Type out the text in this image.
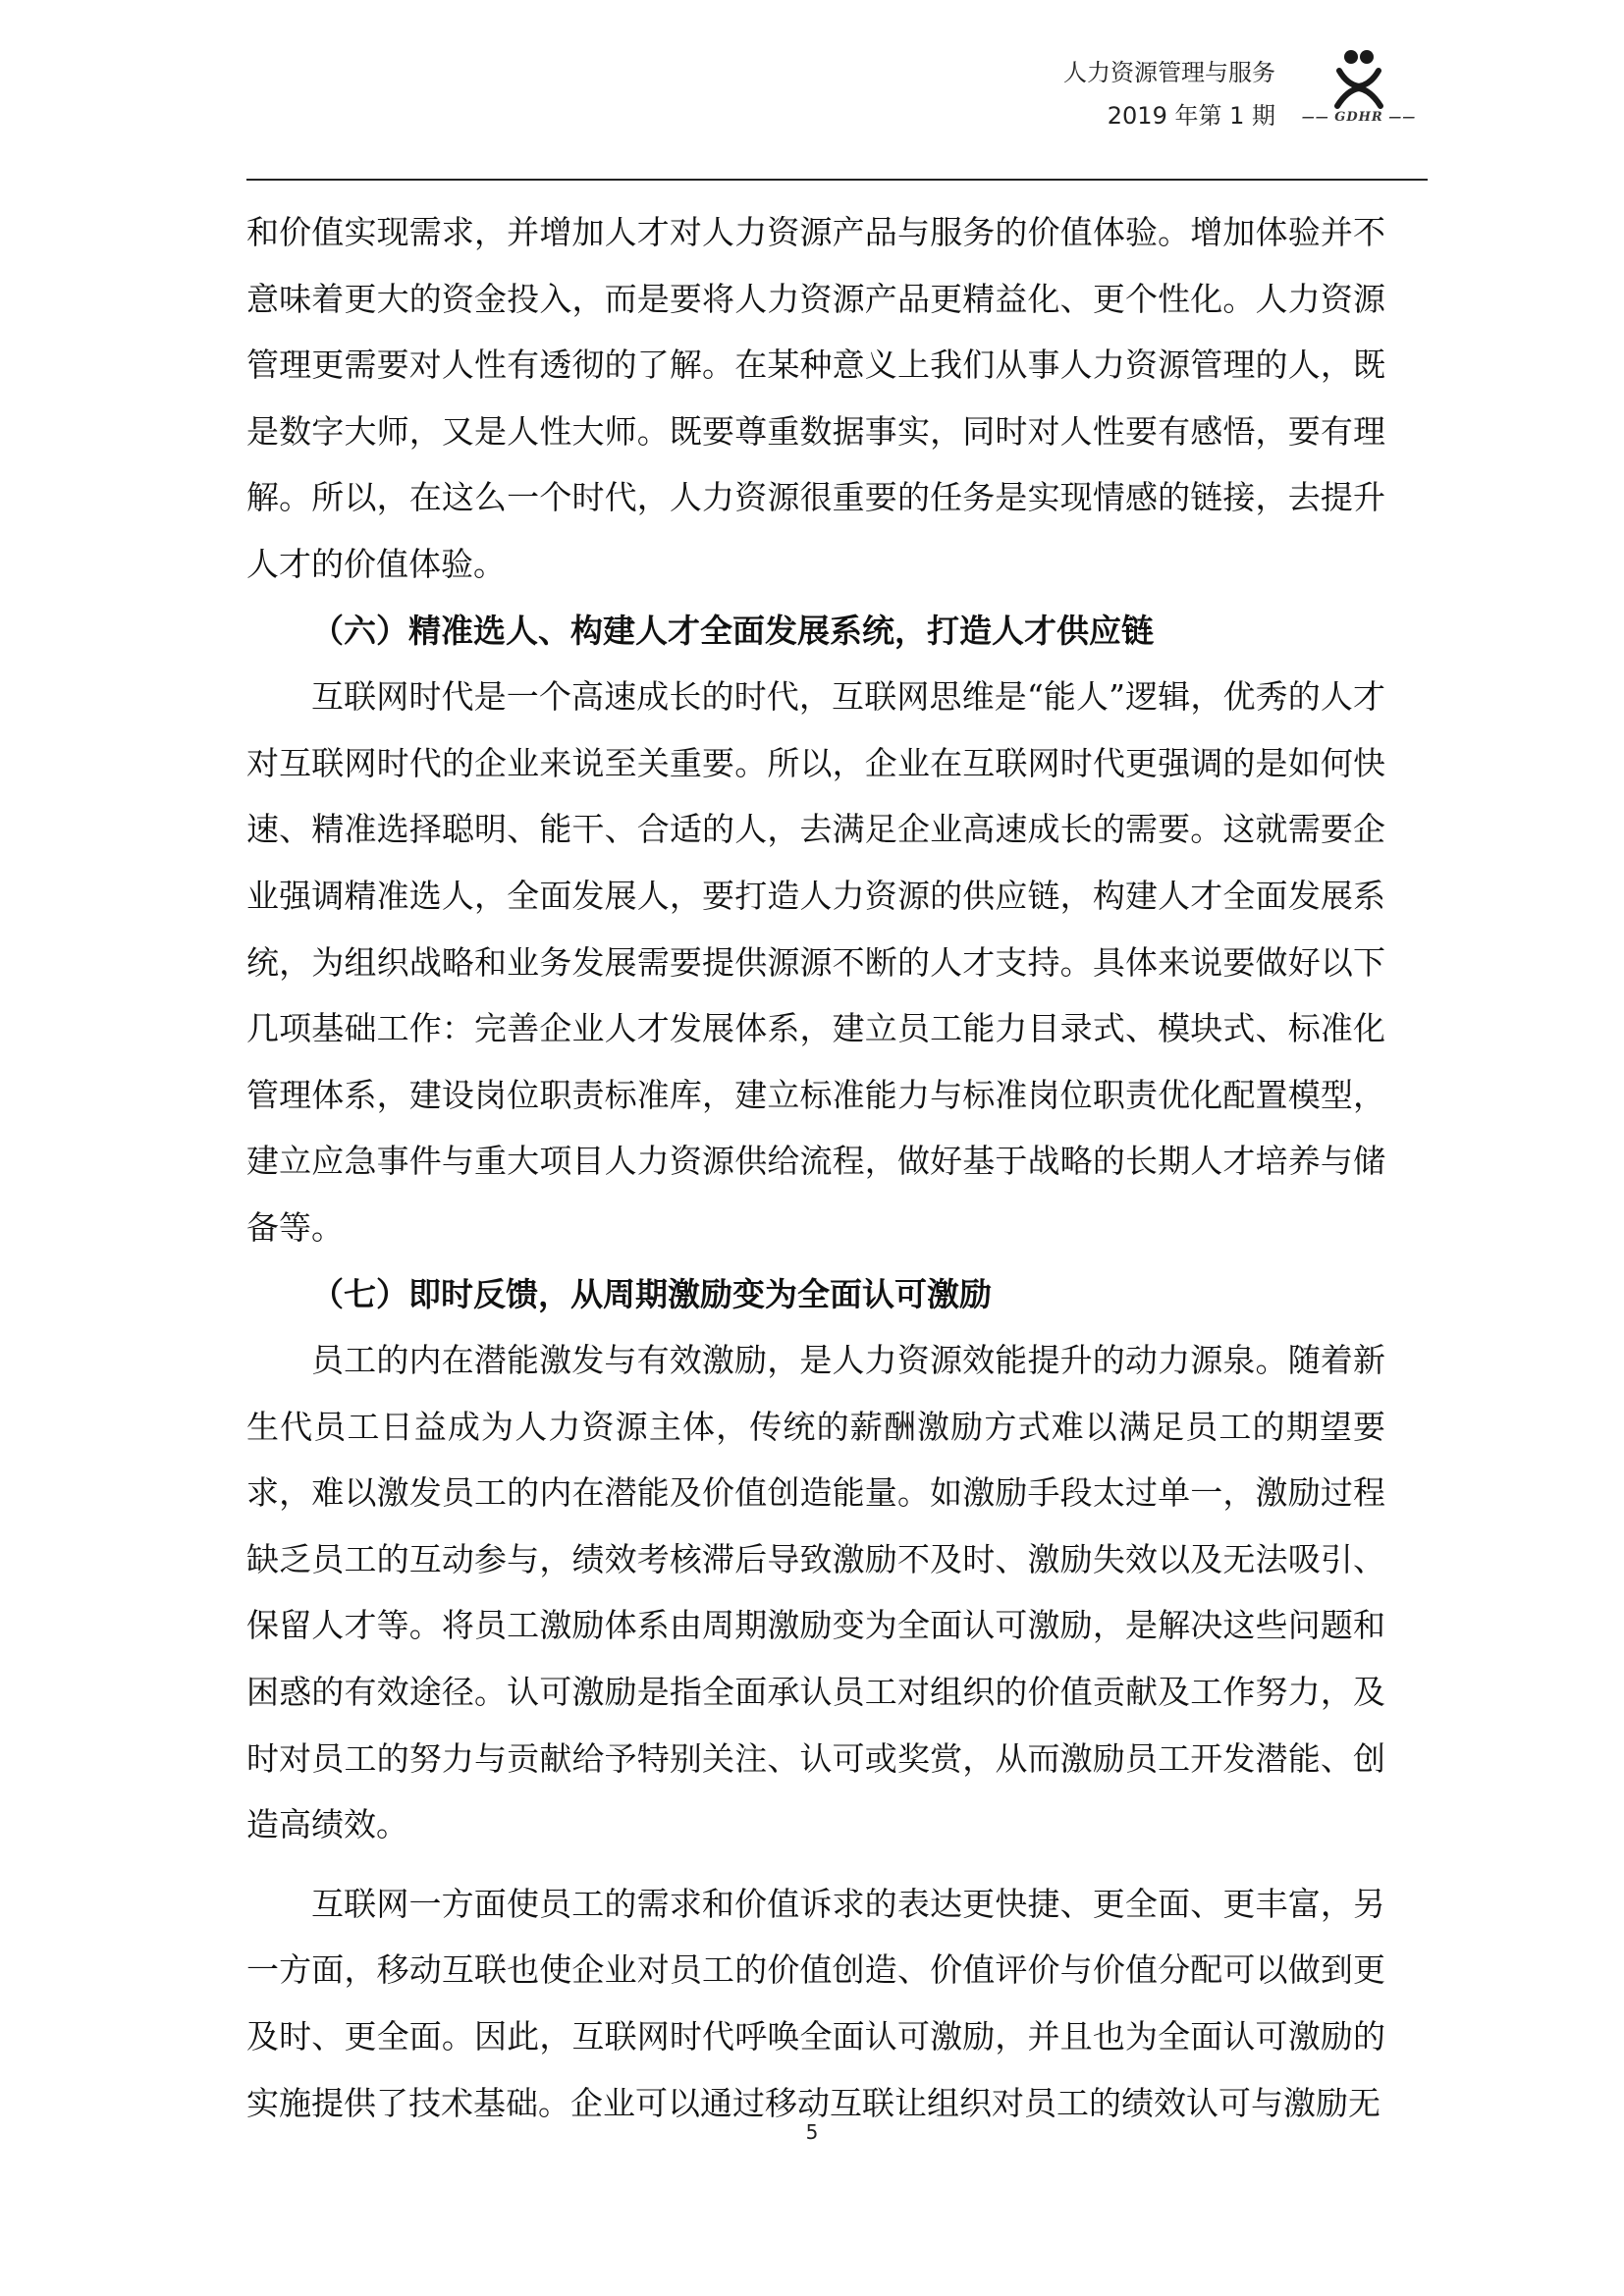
人力资源管理与服务
2019 年第 1 期	—— GDHR ——

和价值实现需求，并增加人才对人力资源产品与服务的价值体验。增加体验并不意味着更大的资金投入，而是要将人力资源产品更精益化、更个性化。人力资源管理更需要对人性有透彻的了解。在某种意义上我们从事人力资源管理的人，既是数字大师，又是人性大师。既要尊重数据事实，同时对人性要有感悟，要有理解。所以，在这么一个时代，人力资源很重要的任务是实现情感的链接，去提升人才的价值体验。

（六）精准选人、构建人才全面发展系统，打造人才供应链

互联网时代是一个高速成长的时代，互联网思维是“能人”逻辑，优秀的人才对互联网时代的企业来说至关重要。所以，企业在互联网时代更强调的是如何快速、精准选择聪明、能干、合适的人，去满足企业高速成长的需要。这就需要企业强调精准选人，全面发展人，要打造人力资源的供应链，构建人才全面发展系统，为组织战略和业务发展需要提供源源不断的人才支持。具体来说要做好以下几项基础工作：完善企业人才发展体系，建立员工能力目录式、模块式、标准化管理体系，建设岗位职责标准库，建立标准能力与标准岗位职责优化配置模型，建立应急事件与重大项目人力资源供给流程，做好基于战略的长期人才培养与储备等。

（七）即时反馈，从周期激励变为全面认可激励

员工的内在潜能激发与有效激励，是人力资源效能提升的动力源泉。随着新生代员工日益成为人力资源主体，传统的薪酬激励方式难以满足员工的期望要求，难以激发员工的内在潜能及价值创造能量。如激励手段太过单一，激励过程缺乏员工的互动参与，绩效考核滞后导致激励不及时、激励失效以及无法吸引、保留人才等。将员工激励体系由周期激励变为全面认可激励，是解决这些问题和困惑的有效途径。认可激励是指全面承认员工对组织的价值贡献及工作努力，及时对员工的努力与贡献给予特别关注、认可或奖赏，从而激励员工开发潜能、创造高绩效。

互联网一方面使员工的需求和价值诉求的表达更快捷、更全面、更丰富，另一方面，移动互联也使企业对员工的价值创造、价值评价与价值分配可以做到更及时、更全面。因此，互联网时代呼唤全面认可激励，并且也为全面认可激励的实施提供了技术基础。企业可以通过移动互联让组织对员工的绩效认可与激励无

5
